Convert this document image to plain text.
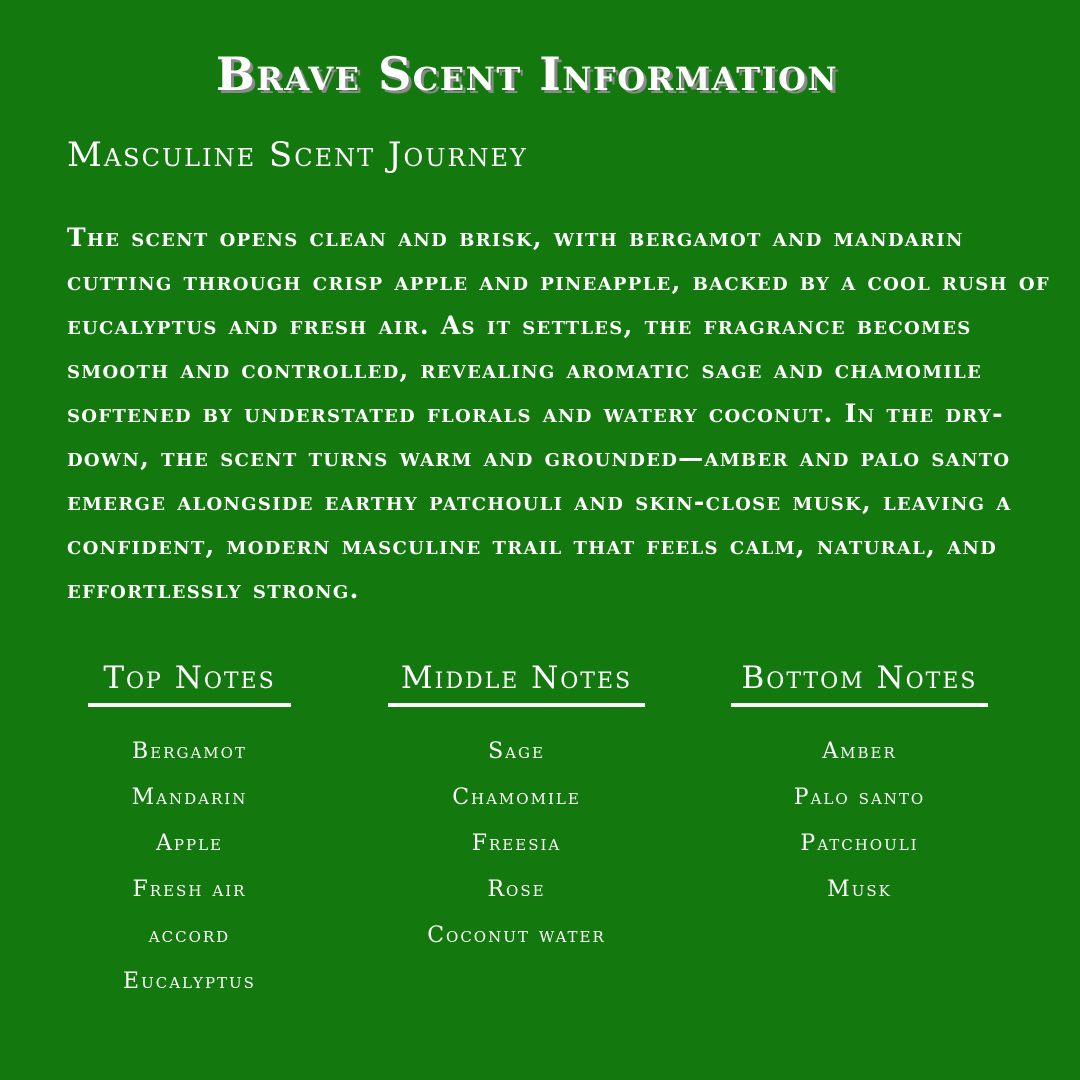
Brave Scent Information
Masculine Scent Journey

The scent opens clean and brisk, with bergamot and mandarin cutting through crisp apple and pineapple, backed by a cool rush of eucalyptus and fresh air. As it settles, the fragrance becomes smooth and controlled, revealing aromatic sage and chamomile softened by understated florals and watery coconut. In the dry-down, the scent turns warm and grounded—amber and palo santo emerge alongside earthy patchouli and skin-close musk, leaving a confident, modern masculine trail that feels calm, natural, and effortlessly strong.

Top Notes
Bergamot
Mandarin
Apple
Fresh air
accord
Eucalyptus
Middle Notes
Sage
Chamomile
Freesia
Rose
Coconut water
Bottom Notes
Amber
Palo santo
Patchouli
Musk
